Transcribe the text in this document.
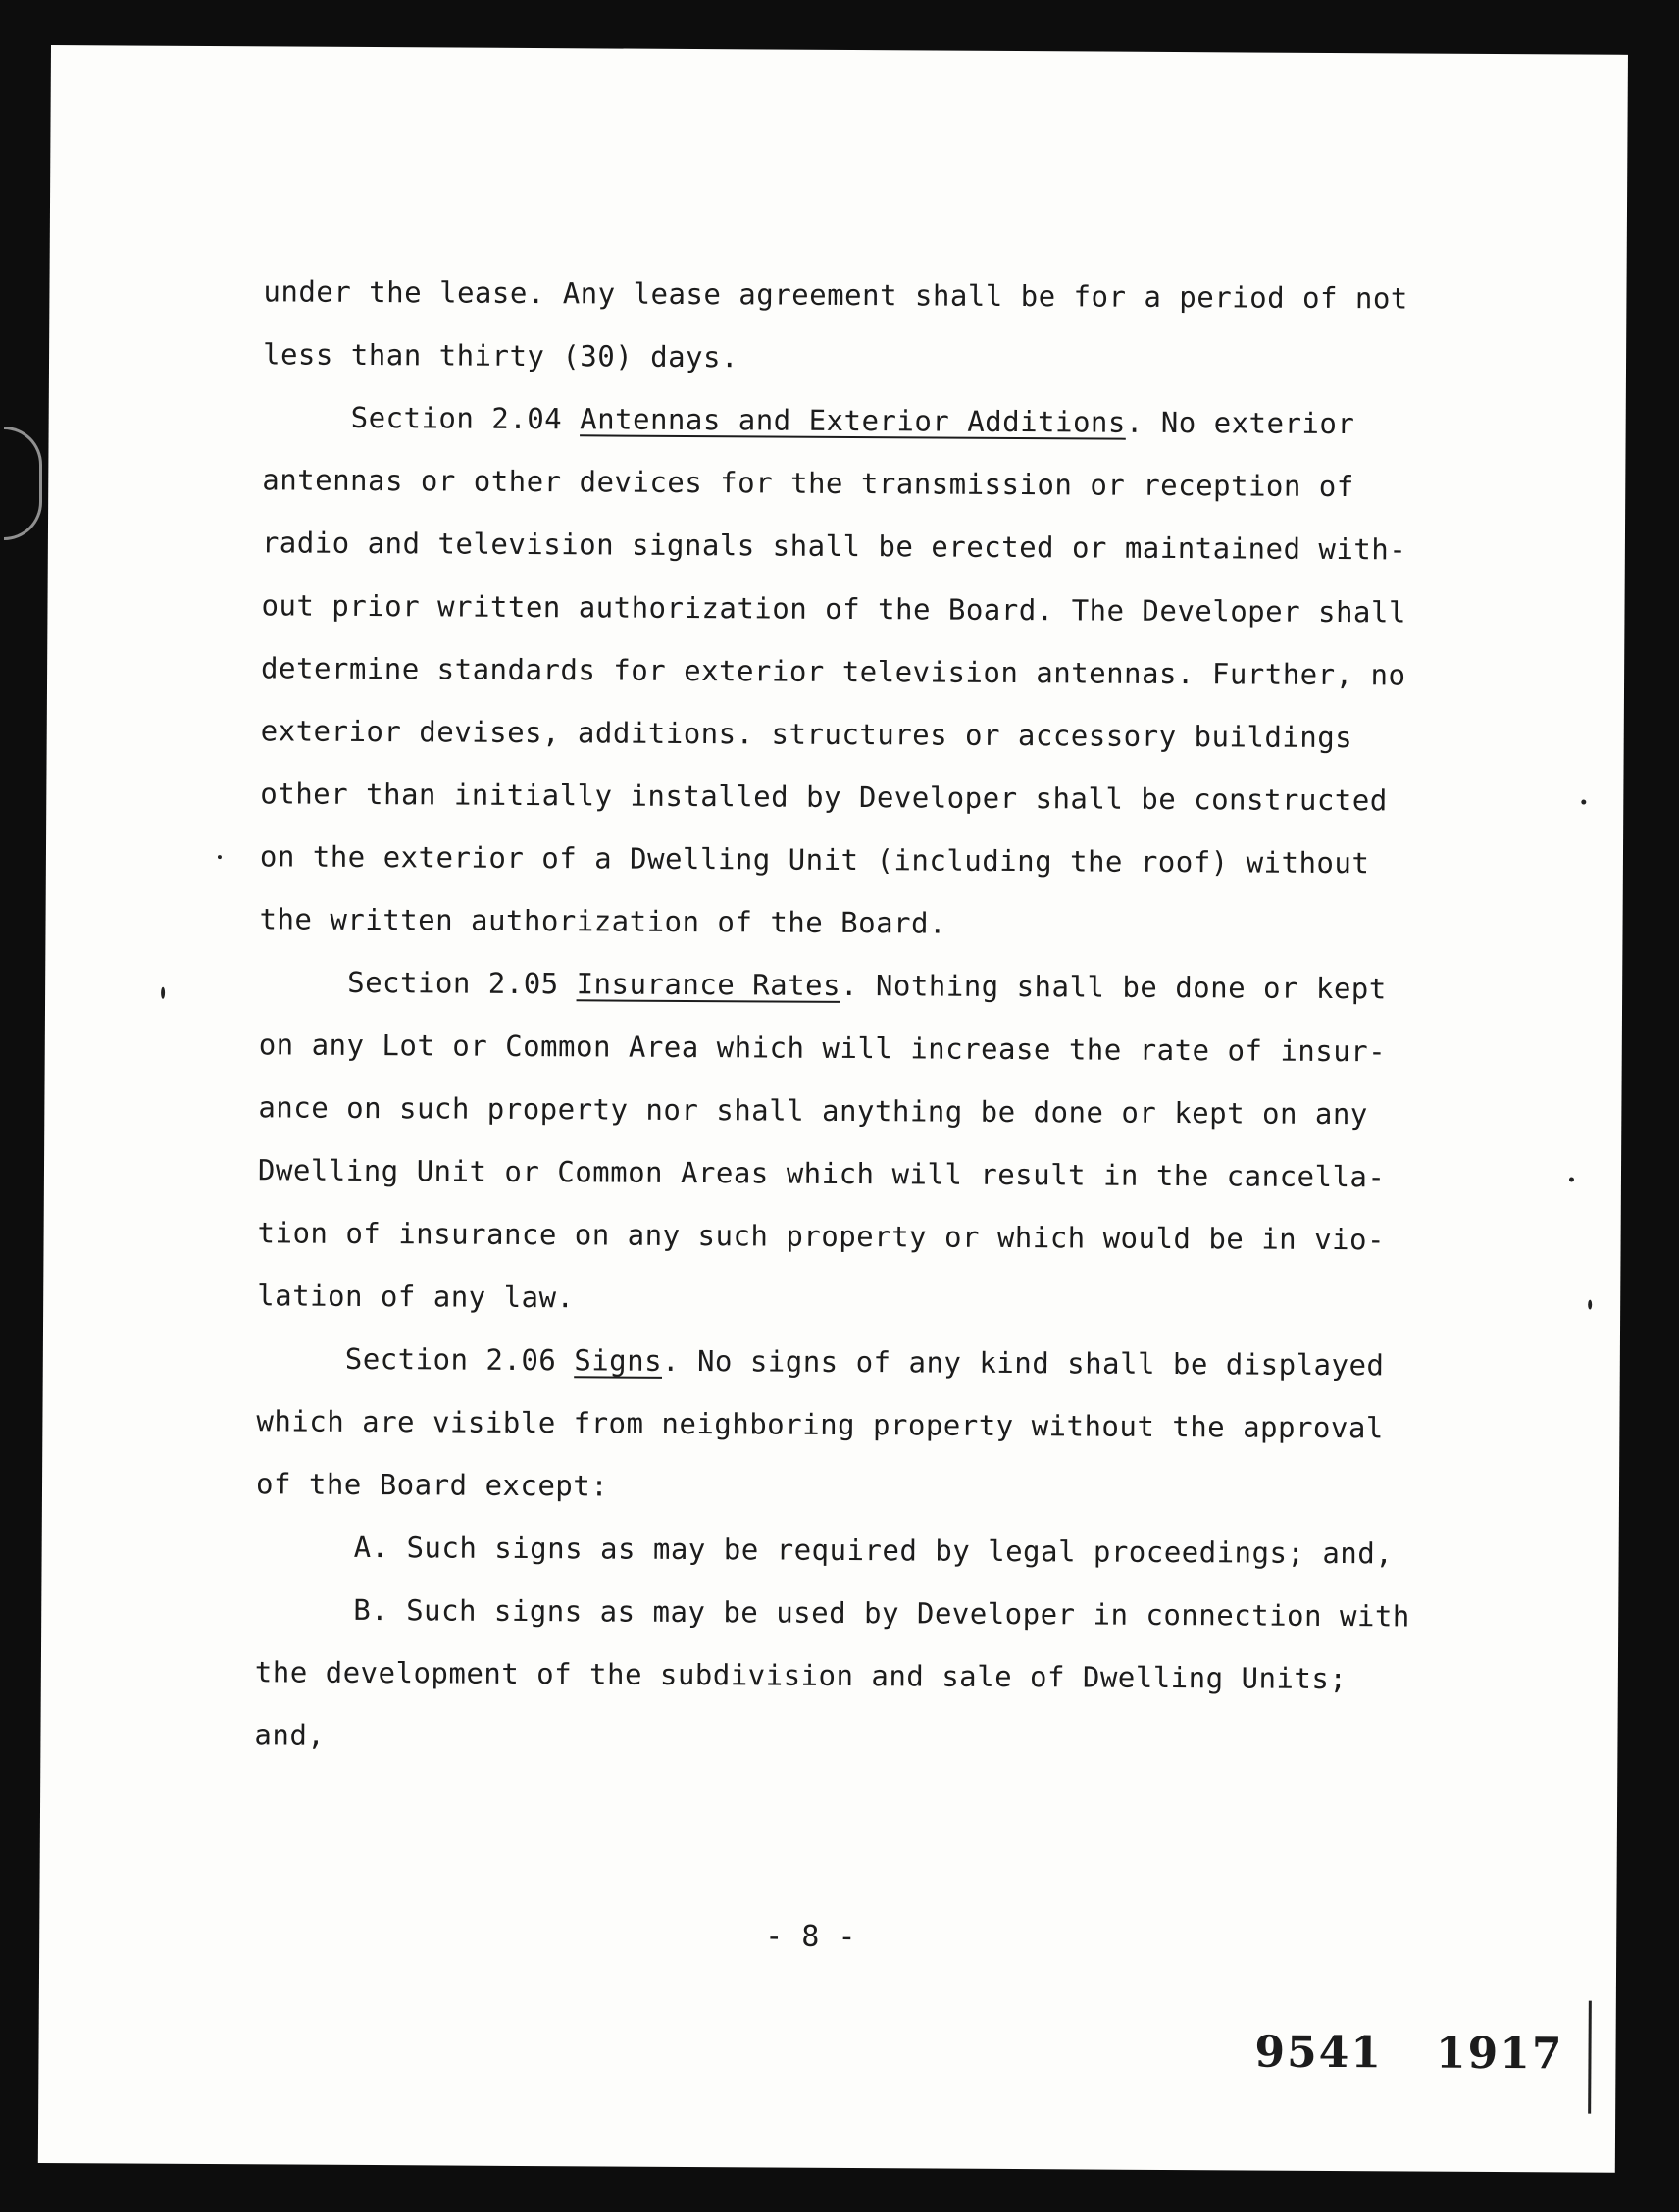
under the lease. Any lease agreement shall be for a period of not

less than thirty (30) days.

Section 2.04 Antennas and Exterior Additions. No exterior

antennas or other devices for the transmission or reception of

radio and television signals shall be erected or maintained with-

out prior written authorization of the Board. The Developer shall

determine standards for exterior television antennas. Further, no

exterior devises, additions. structures or accessory buildings

other than initially installed by Developer shall be constructed

on the exterior of a Dwelling Unit (including the roof) without

the written authorization of the Board.

Section 2.05 Insurance Rates. Nothing shall be done or kept

on any Lot or Common Area which will increase the rate of insur-

ance on such property nor shall anything be done or kept on any

Dwelling Unit or Common Areas which will result in the cancella-

tion of insurance on any such property or which would be in vio-

lation of any law.

Section 2.06 Signs. No signs of any kind shall be displayed

which are visible from neighboring property without the approval

of the Board except:

A. Such signs as may be required by legal proceedings; and,

B. Such signs as may be used by Developer in connection with

the development of the subdivision and sale of Dwelling Units;

and,

- 8 -
9541 1917
